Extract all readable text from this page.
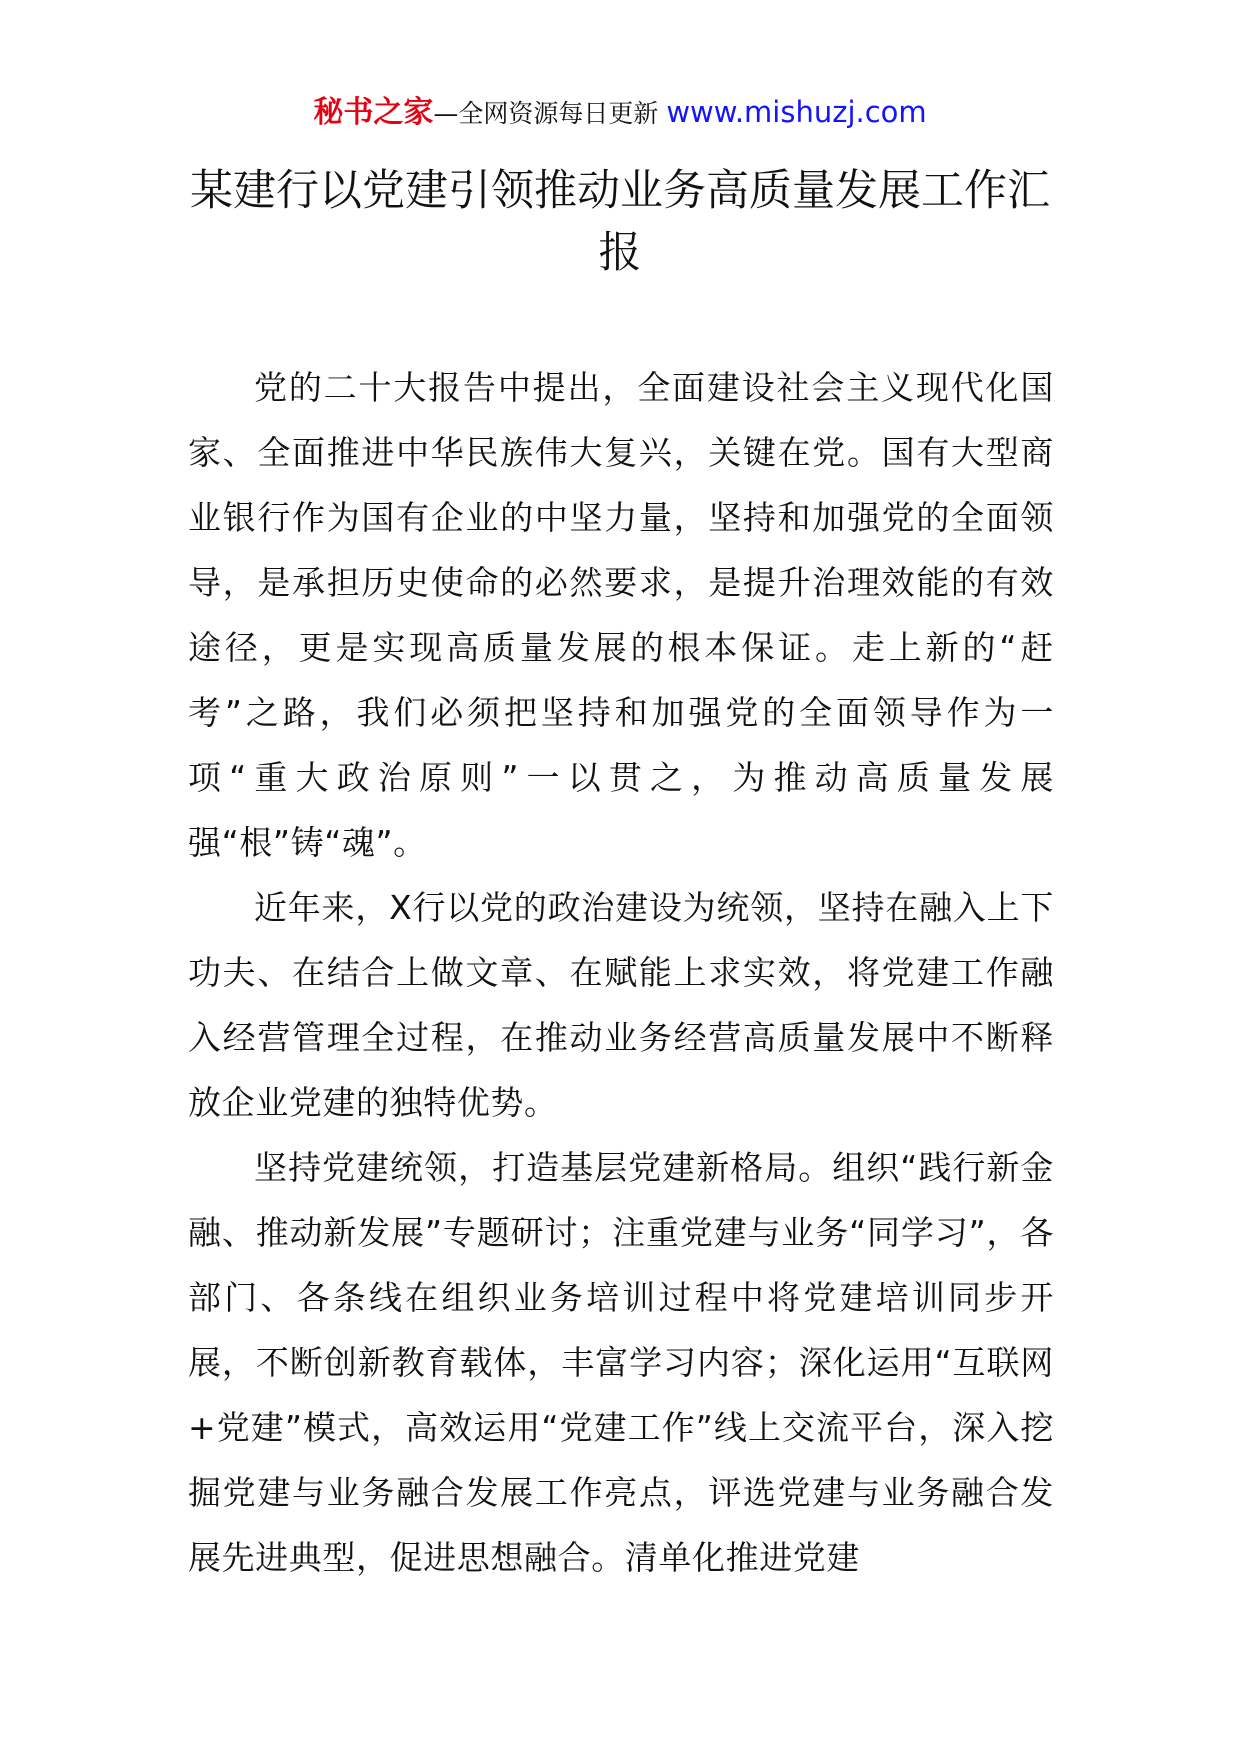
秘书之家—全网资源每日更新 www.mishuzj.com
某建行以党建引领推动业务高质量发展工作汇报

党的二十大报告中提出，全面建设社会主义现代化国家、全面推进中华民族伟大复兴，关键在党。国有大型商业银行作为国有企业的中坚力量，坚持和加强党的全面领导，是承担历史使命的必然要求，是提升治理效能的有效途径，更是实现高质量发展的根本保证。走上新的“赶考”之路，我们必须把坚持和加强党的全面领导作为一项“重大政治原则”一以贯之，为推动高质量发展强“根”铸“魂”。

近年来，X行以党的政治建设为统领，坚持在融入上下功夫、在结合上做文章、在赋能上求实效，将党建工作融入经营管理全过程，在推动业务经营高质量发展中不断释放企业党建的独特优势。

坚持党建统领，打造基层党建新格局。组织“践行新金融、推动新发展”专题研讨；注重党建与业务“同学习”，各部门、各条线在组织业务培训过程中将党建培训同步开展，不断创新教育载体，丰富学习内容；深化运用“互联网+党建”模式，高效运用“党建工作”线上交流平台，深入挖掘党建与业务融合发展工作亮点，评选党建与业务融合发展先进典型，促进思想融合。清单化推进党建
